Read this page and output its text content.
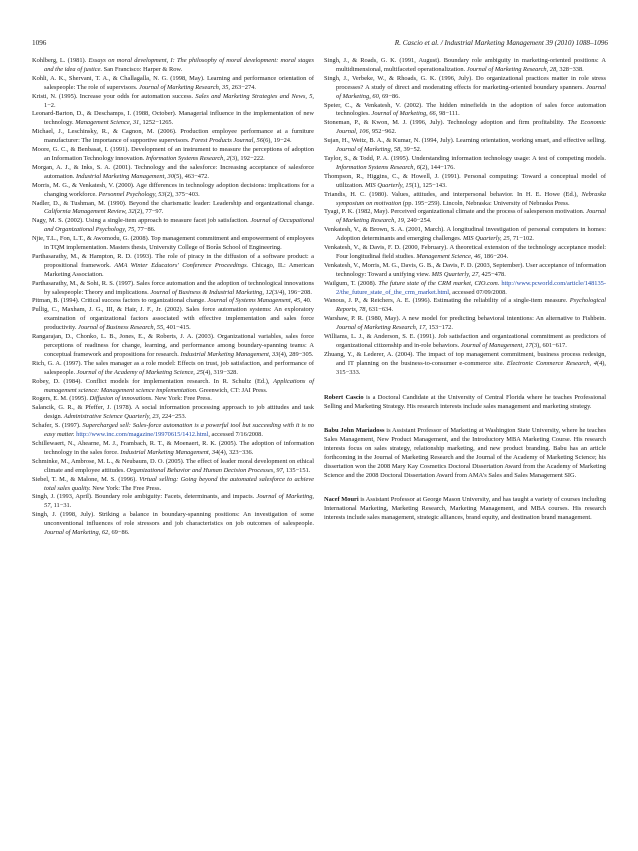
1096	R. Cascio et al. / Industrial Marketing Management 39 (2010) 1088–1096

Kohlberg, L. (1981). Essays on moral development, I: The philosophy of moral development: moral stages and the idea of justice. San Francisco: Harper & Row.

Kohli, A. K., Shervani, T. A., & Challagalla, N. G. (1998, May). Learning and performance orientation of salespeople: The role of supervisors. Journal of Marketing Research, 35, 263−274.

Kristi, N. (1995). Increase your odds for automation success. Sales and Marketing Strategies and News, 5, 1−2.

Leonard-Barton, D., & Deschamps, I. (1988, October). Managerial influence in the implementation of new technology. Management Science, 31, 1252−1265.

Michael, J., Leschinsky, R., & Cagnon, M. (2006). Production employee performance at a furniture manufacturer: The importance of supportive supervisors. Forest Products Journal, 56(6), 19−24.

Moore, G. C., & Benbasat, I. (1991). Development of an instrument to measure the perceptions of adoption an Information Technology innovation. Information Systems Research, 2(3), 192−222.

Morgan, A. J., & Inks, S. A. (2001). Technology and the salesforce: Increasing acceptance of salesforce automation. Industrial Marketing Management, 30(5), 463−472.

Morris, M. G., & Venkatesh, V. (2000). Age differences in technology adoption decisions: implications for a changing workforce. Personnel Psychology, 53(2), 375−403.

Nadler, D., & Tushman, M. (1990). Beyond the charismatic leader: Leadership and organizational change. California Management Review, 32(2), 77−97.

Nagy, M. S. (2002). Using a single-item approach to measure facet job satisfaction. Journal of Occupational and Organizational Psychology, 75, 77−86.

Njie, T.L., Fon, L.T., & Awomodu, G. (2008). Top management commitment and empowerment of employees in TQM implementation. Masters thesis, University College of Borås School of Engineering.

Parthasarathy, M., & Hampton, R. D. (1993). The role of piracy in the diffusion of a software product: a propositional framework. AMA Winter Educators' Conference Proceedings. Chicago, IL: American Marketing Association.

Parthasarathy, M., & Sohi, R. S. (1997). Sales force automation and the adoption of technological innovations by salespeople: Theory and implications. Journal of Business & Industrial Marketing, 12(3/4), 196−208.

Pitman, B. (1994). Critical success factors to organizational change. Journal of Systems Management, 45, 40.

Pullig, C., Maxham, J. G., III, & Hair, J. F., Jr. (2002). Sales force automation systems: An exploratory examination of organizational factors associated with effective implementation and sales force productivity. Journal of Business Research, 55, 401−415.

Rangarajan, D., Chonko, L. B., Jones, E., & Roberts, J. A. (2003). Organizational variables, sales force perceptions of readiness for change, learning, and performance among boundary-spanning teams: A conceptual framework and propositions for research. Industrial Marketing Management, 33(4), 289−305.

Rich, G. A. (1997). The sales manager as a role model: Effects on trust, job satisfaction, and performance of salespeople. Journal of the Academy of Marketing Science, 25(4), 319−328.

Robey, D. (1984). Conflict models for implementation research. In R. Schultz (Ed.), Applications of management science: Management science implementation. Greenwich, CT: JAI Press.

Rogers, E. M. (1995). Diffusion of innovations. New York: Free Press.

Salancik, G. R., & Pfeffer, J. (1978). A social information processing approach to job attitudes and task design. Administrative Science Quarterly, 23, 224−253.

Schafer, S. (1997). Supercharged sell: Sales-force automation is a powerful tool but succeeding with it is no easy matter. http://www.inc.com/magazine/19970615/1412.html, accessed 7/16/2008.

Schillewaert, N., Ahearne, M. J., Frambach, R. T., & Moenaert, R. K. (2005). The adoption of information technology in the sales force. Industrial Marketing Management, 34(4), 323−336.

Schminke, M., Ambrose, M. L., & Neubaum, D. O. (2005). The effect of leader moral development on ethical climate and employee attitudes. Organizational Behavior and Human Decision Processes, 97, 135−151.

Siebel, T. M., & Malone, M. S. (1996). Virtual selling: Going beyond the automated salesforce to achieve total sales quality. New York: The Free Press.

Singh, J. (1993, April). Boundary role ambiguity: Facets, determinants, and impacts. Journal of Marketing, 57, 11−31.

Singh, J. (1998, July). Striking a balance in boundary-spanning positions: An investigation of some unconventional influences of role stressors and job characteristics on job outcomes of salespeople. Journal of Marketing, 62, 69−86.

Singh, J., & Roads, G. K. (1991, August). Boundary role ambiguity in marketing-oriented positions: A multidimensional, multifaceted operationalization. Journal of Marketing Research, 28, 328−338.

Singh, J., Verbeke, W., & Rhoads, G. K. (1996, July). Do organizational practices matter in role stress processes? A study of direct and moderating effects for marketing-oriented boundary spanners. Journal of Marketing, 60, 69−86.

Speier, C., & Venkatesh, V. (2002). The hidden minefields in the adoption of sales force automation technologies. Journal of Marketing, 66, 98−111.

Stoneman, P., & Kwon, M. J. (1996, July). Technology adoption and firm profitability. The Economic Journal, 106, 952−962.

Sujan, H., Weitz, B. A., & Kumar, N. (1994, July). Learning orientation, working smart, and effective selling. Journal of Marketing, 58, 39−52.

Taylor, S., & Todd, P. A. (1995). Understanding information technology usage: A test of competing models. Information Systems Research, 6(2), 144−176.

Thompson, R., Higgins, C., & Howell, J. (1991). Personal computing: Toward a conceptual model of utilization. MIS Quarterly, 15(1), 125−143.

Triandis, H. C. (1980). Values, attitudes, and interpersonal behavior. In H. E. Howe (Ed.), Nebraska symposium on motivation (pp. 195−259). Lincoln, Nebraska: University of Nebraska Press.

Tyagi, P. K. (1982, May). Perceived organizational climate and the process of salesperson motivation. Journal of Marketing Research, 19, 240−254.

Venkatesh, V., & Brown, S. A. (2001, March). A longitudinal investigation of personal computers in homes: Adoption determinants and emerging challenges. MIS Quarterly, 25, 71−102.

Venkatesh, V., & Davis, F. D. (2000, February). A theoretical extension of the technology acceptance model: Four longitudinal field studies. Management Science, 46, 186−204.

Venkatesh, V., Morris, M. G., Davis, G. B., & Davis, F. D. (2003, September). User acceptance of information technology: Toward a unifying view. MIS Quarterly, 27, 425−478.

Wailgum, T. (2008). The future state of the CRM market, CIO.com. http://www.pcworld.com/article/148135-2/the_future_state_of_the_crm_market.html, accessed 07/09/2008.

Wanous, J. P., & Reichers, A. E. (1996). Estimating the reliability of a single-item measure. Psychological Reports, 78, 631−634.

Warshaw, P. R. (1980, May). A new model for predicting behavioral intentions: An alternative to Fishbein. Journal of Marketing Research, 17, 153−172.

Williams, L. J., & Anderson, S. E. (1991). Job satisfaction and organizational commitment as predictors of organizational citizenship and in-role behaviors. Journal of Management, 17(3), 601−617.

Zhuang, Y., & Lederer, A. (2004). The impact of top management commitment, business process redesign, and IT planning on the business-to-consumer e-commerce site. Electronic Commerce Research, 4(4), 315−333.

Robert Cascio is a Doctoral Candidate at the University of Central Florida where he teaches Professional Selling and Marketing Strategy. His research interests include sales management and marketing strategy.

Babu John Mariadoss is Assistant Professor of Marketing at Washington State University, where he teaches Sales Management, New Product Management, and the Introductory MBA Marketing Course. His research interests focus on sales strategy, relationship marketing, and new product branding. Babu has an article forthcoming in the Journal of Marketing Research and the Journal of the Academy of Marketing Science; his dissertation won the 2008 Mary Kay Cosmetics Doctoral Dissertation Award from the Academy of Marketing Science and the 2008 Doctoral Dissertation Award from AMA's Sales and Sales Management SIG.

Nacef Mouri is Assistant Professor at George Mason University, and has taught a variety of courses including International Marketing, Marketing Research, Marketing Management, and MBA courses. His research interests include sales management, strategic alliances, brand equity, and destination brand management.
